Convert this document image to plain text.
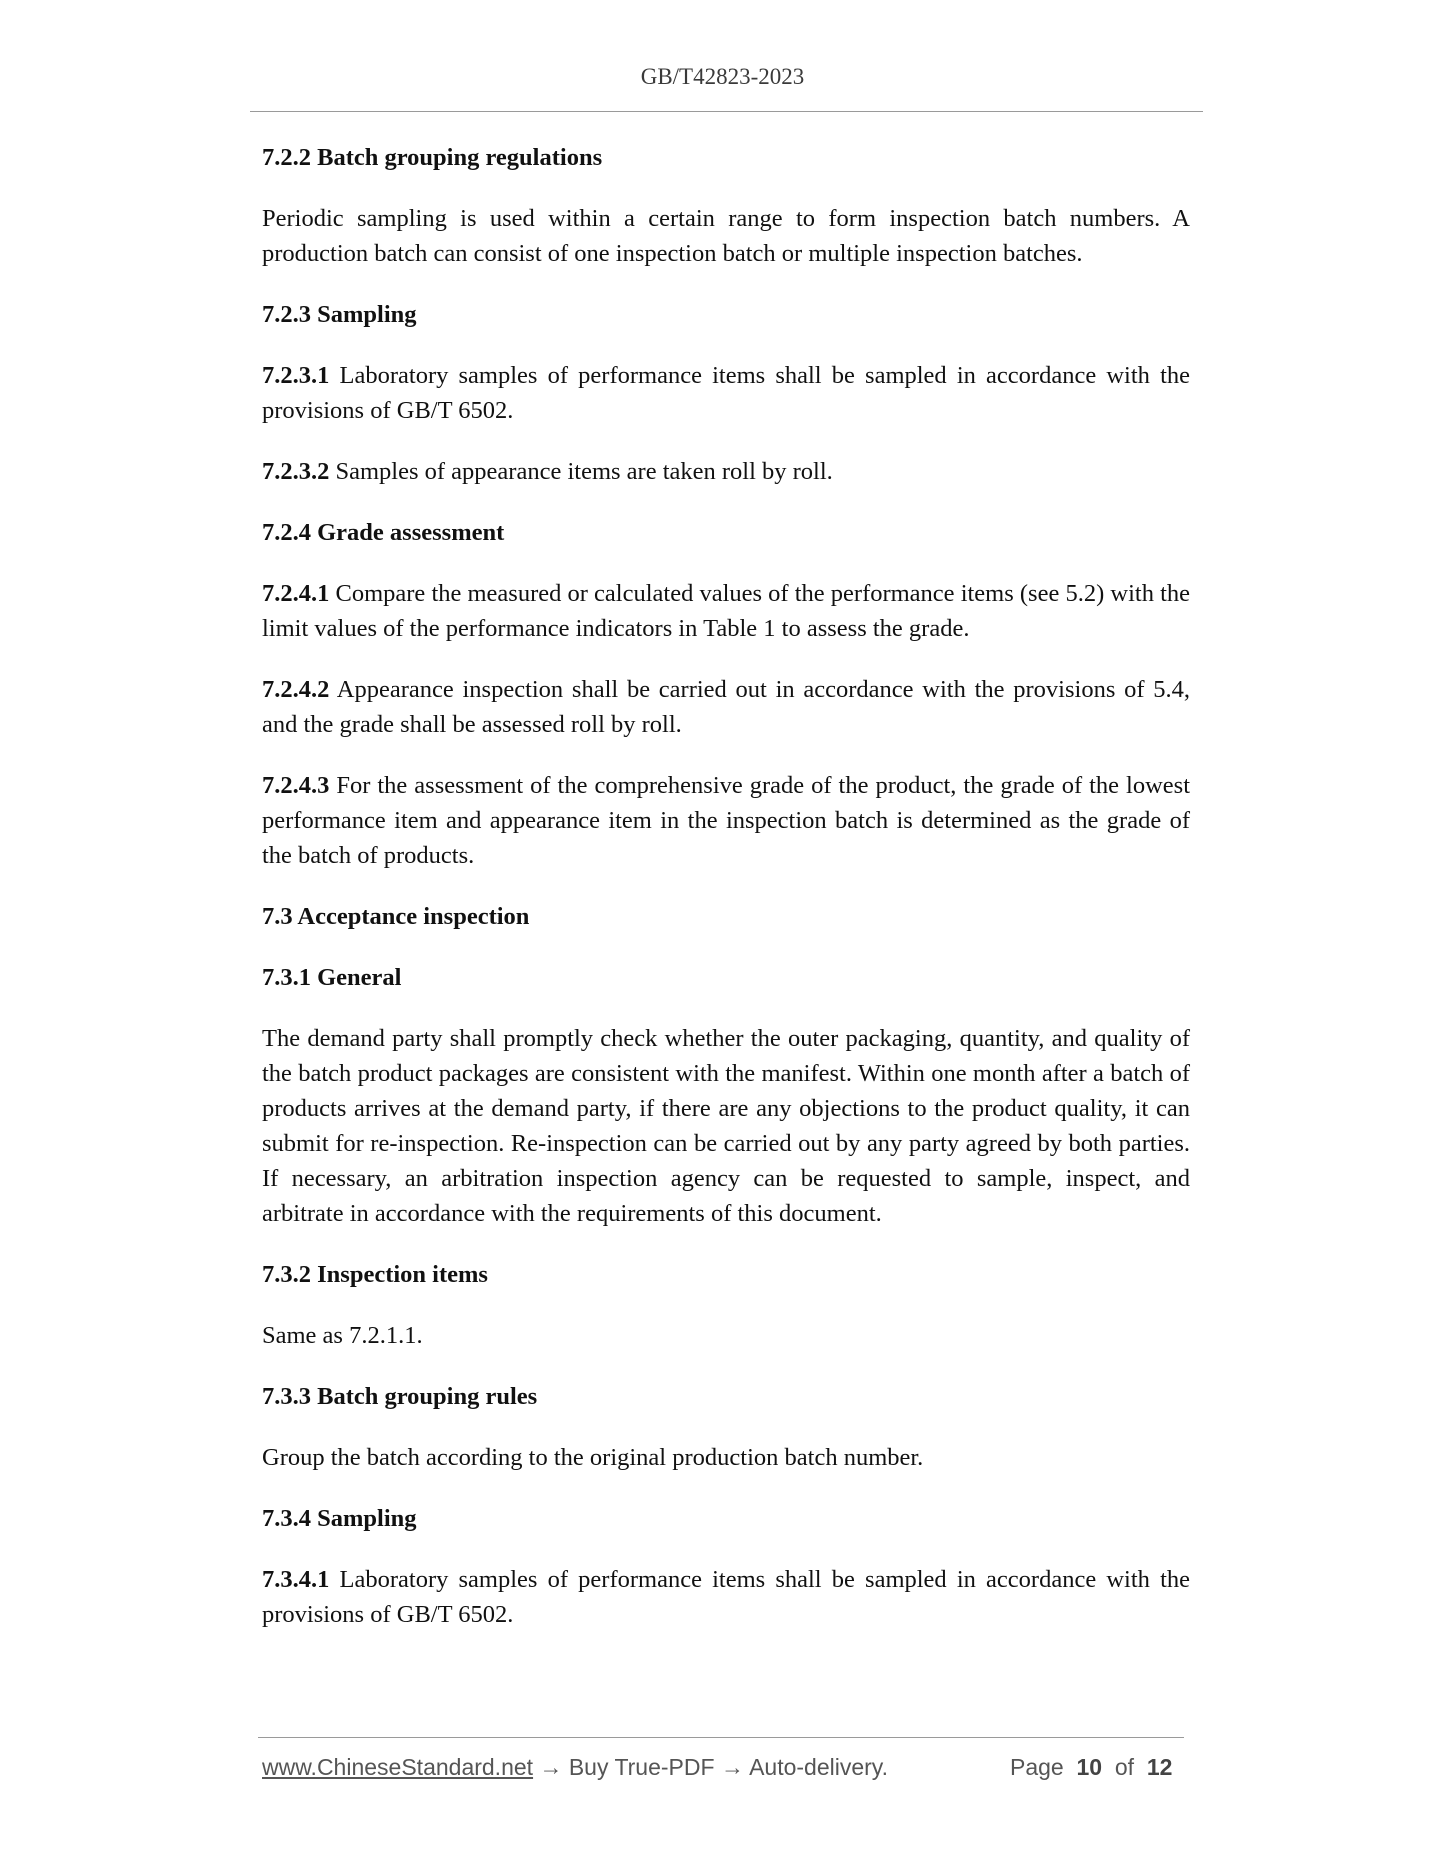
GB/T42823-2023
7.2.2 Batch grouping regulations
Periodic sampling is used within a certain range to form inspection batch numbers. A production batch can consist of one inspection batch or multiple inspection batches.
7.2.3 Sampling
7.2.3.1 Laboratory samples of performance items shall be sampled in accordance with the provisions of GB/T 6502.
7.2.3.2 Samples of appearance items are taken roll by roll.
7.2.4 Grade assessment
7.2.4.1 Compare the measured or calculated values of the performance items (see 5.2) with the limit values of the performance indicators in Table 1 to assess the grade.
7.2.4.2 Appearance inspection shall be carried out in accordance with the provisions of 5.4, and the grade shall be assessed roll by roll.
7.2.4.3 For the assessment of the comprehensive grade of the product, the grade of the lowest performance item and appearance item in the inspection batch is determined as the grade of the batch of products.
7.3 Acceptance inspection
7.3.1 General
The demand party shall promptly check whether the outer packaging, quantity, and quality of the batch product packages are consistent with the manifest. Within one month after a batch of products arrives at the demand party, if there are any objections to the product quality, it can submit for re-inspection. Re-inspection can be carried out by any party agreed by both parties. If necessary, an arbitration inspection agency can be requested to sample, inspect, and arbitrate in accordance with the requirements of this document.
7.3.2 Inspection items
Same as 7.2.1.1.
7.3.3 Batch grouping rules
Group the batch according to the original production batch number.
7.3.4 Sampling
7.3.4.1 Laboratory samples of performance items shall be sampled in accordance with the provisions of GB/T 6502.
www.ChineseStandard.net → Buy True-PDF → Auto-delivery.	Page 10 of 12
